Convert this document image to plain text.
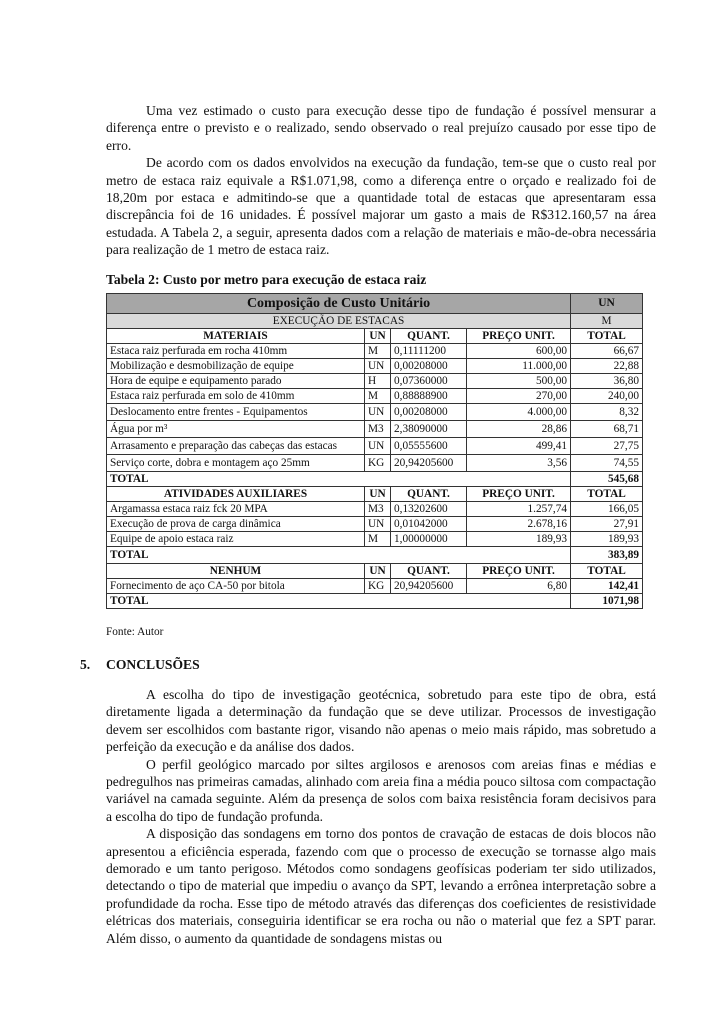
Uma vez estimado o custo para execução desse tipo de fundação é possível mensurar a diferença entre o previsto e o realizado, sendo observado o real prejuízo causado por esse tipo de erro.

De acordo com os dados envolvidos na execução da fundação, tem-se que o custo real por metro de estaca raiz equivale a R$1.071,98, como a diferença entre o orçado e realizado foi de 18,20m por estaca e admitindo-se que a quantidade total de estacas que apresentaram essa discrepância foi de 16 unidades. É possível majorar um gasto a mais de R$312.160,57 na área estudada. A Tabela 2, a seguir, apresenta dados com a relação de materiais e mão-de-obra necessária para realização de 1 metro de estaca raiz.

Tabela 2: Custo por metro para execução de estaca raiz

Composição de Custo Unitário				UN
EXECUÇÃO DE ESTACAS				M
MATERIAIS	UN	QUANT.	PREÇO UNIT.	TOTAL
Estaca raiz perfurada em rocha 410mm	M	0,11111200	600,00	66,67
Mobilização e desmobilização de equipe	UN	0,00208000	11.000,00	22,88
Hora de equipe e equipamento parado	H	0,07360000	500,00	36,80
Estaca raiz perfurada em solo de 410mm	M	0,88888900	270,00	240,00
Deslocamento entre frentes - Equipamentos	UN	0,00208000	4.000,00	8,32
Água por m³	M3	2,38090000	28,86	68,71
Arrasamento e preparação das cabeças das estacas	UN	0,05555600	499,41	27,75
Serviço corte, dobra e montagem aço 25mm	KG	20,94205600	3,56	74,55
TOTAL				545,68
ATIVIDADES AUXILIARES	UN	QUANT.	PREÇO UNIT.	TOTAL
Argamassa estaca raiz fck 20 MPA	M3	0,13202600	1.257,74	166,05
Execução de prova de carga dinâmica	UN	0,01042000	2.678,16	27,91
Equipe de apoio estaca raiz	M	1,00000000	189,93	189,93
TOTAL				383,89
NENHUM	UN	QUANT.	PREÇO UNIT.	TOTAL
Fornecimento de aço CA-50 por bitola	KG	20,94205600	6,80	142,41
TOTAL				1071,98

Fonte: Autor

5. CONCLUSÕES

A escolha do tipo de investigação geotécnica, sobretudo para este tipo de obra, está diretamente ligada a determinação da fundação que se deve utilizar. Processos de investigação devem ser escolhidos com bastante rigor, visando não apenas o meio mais rápido, mas sobretudo a perfeição da execução e da análise dos dados.

O perfil geológico marcado por siltes argilosos e arenosos com areias finas e médias e pedregulhos nas primeiras camadas, alinhado com areia fina a média pouco siltosa com compactação variável na camada seguinte. Além da presença de solos com baixa resistência foram decisivos para a escolha do tipo de fundação profunda.

A disposição das sondagens em torno dos pontos de cravação de estacas de dois blocos não apresentou a eficiência esperada, fazendo com que o processo de execução se tornasse algo mais demorado e um tanto perigoso. Métodos como sondagens geofísicas poderiam ter sido utilizados, detectando o tipo de material que impediu o avanço da SPT, levando a errônea interpretação sobre a profundidade da rocha. Esse tipo de método através das diferenças dos coeficientes de resistividade elétricas dos materiais, conseguiria identificar se era rocha ou não o material que fez a SPT parar. Além disso, o aumento da quantidade de sondagens mistas ou
